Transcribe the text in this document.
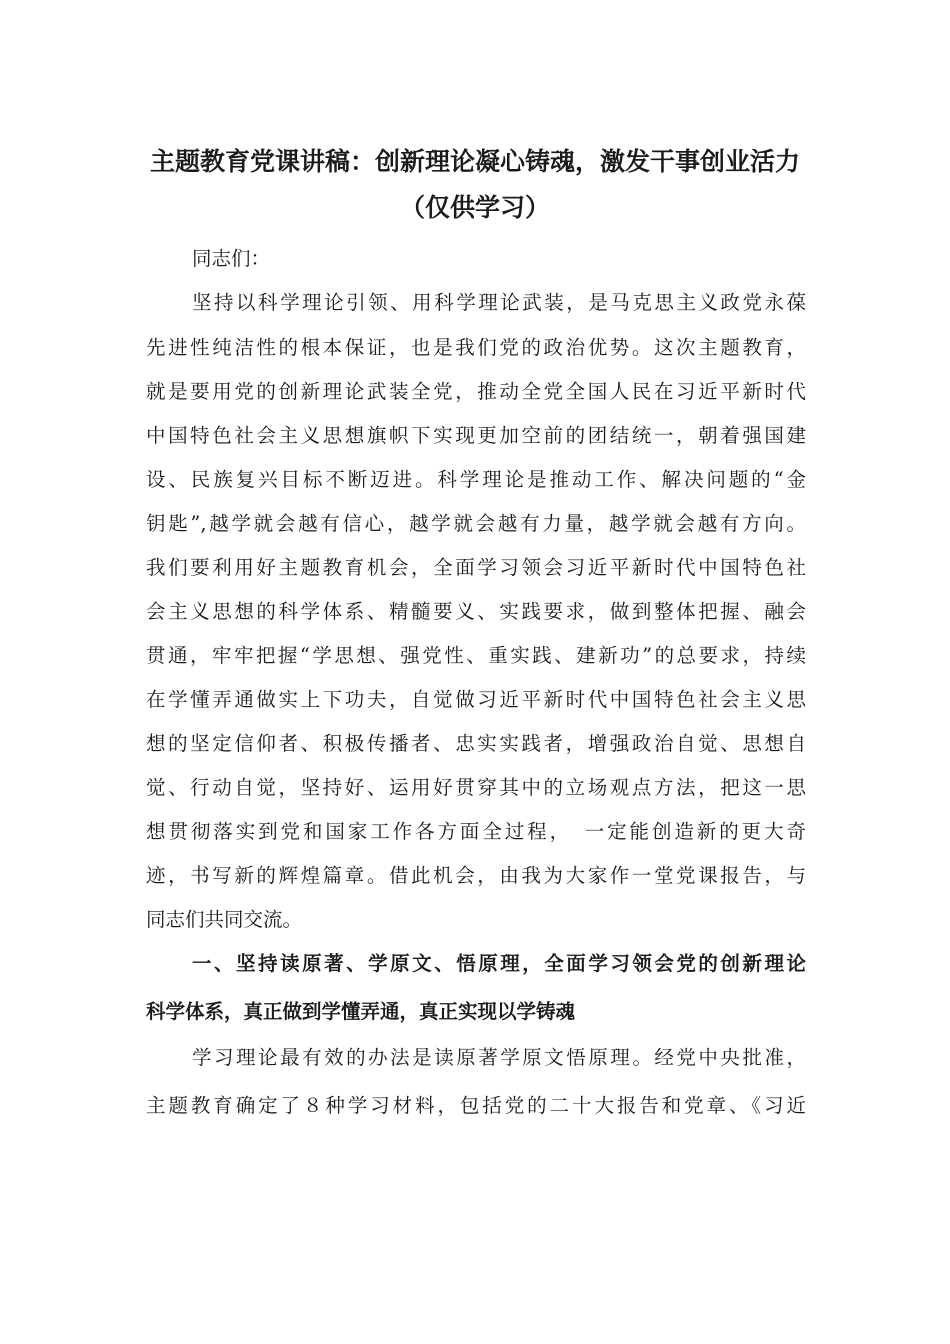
主题教育党课讲稿：创新理论凝心铸魂，激发干事创业活力
（仅供学习）
同志们：
坚持以科学理论引领、用科学理论武装，是马克思主义政党永葆
先进性纯洁性的根本保证，也是我们党的政治优势。这次主题教育，
就是要用党的创新理论武装全党，推动全党全国人民在习近平新时代
中国特色社会主义思想旗帜下实现更加空前的团结统一，朝着强国建
设、民族复兴目标不断迈进。科学理论是推动工作、解决问题的“金
钥匙”,越学就会越有信心，越学就会越有力量，越学就会越有方向。
我们要利用好主题教育机会，全面学习领会习近平新时代中国特色社
会主义思想的科学体系、精髓要义、实践要求，做到整体把握、融会
贯通，牢牢把握“学思想、强党性、重实践、建新功”的总要求，持续
在学懂弄通做实上下功夫，自觉做习近平新时代中国特色社会主义思
想的坚定信仰者、积极传播者、忠实实践者，增强政治自觉、思想自
觉、行动自觉，坚持好、运用好贯穿其中的立场观点方法，把这一思
想贯彻落实到党和国家工作各方面全过程，　一定能创造新的更大奇
迹，书写新的辉煌篇章。借此机会，由我为大家作一堂党课报告，与
同志们共同交流。
一、坚持读原著、学原文、悟原理，全面学习领会党的创新理论
科学体系，真正做到学懂弄通，真正实现以学铸魂
学习理论最有效的办法是读原著学原文悟原理。经党中央批准，
主题教育确定了８种学习材料，包括党的二十大报告和党章、《习近
